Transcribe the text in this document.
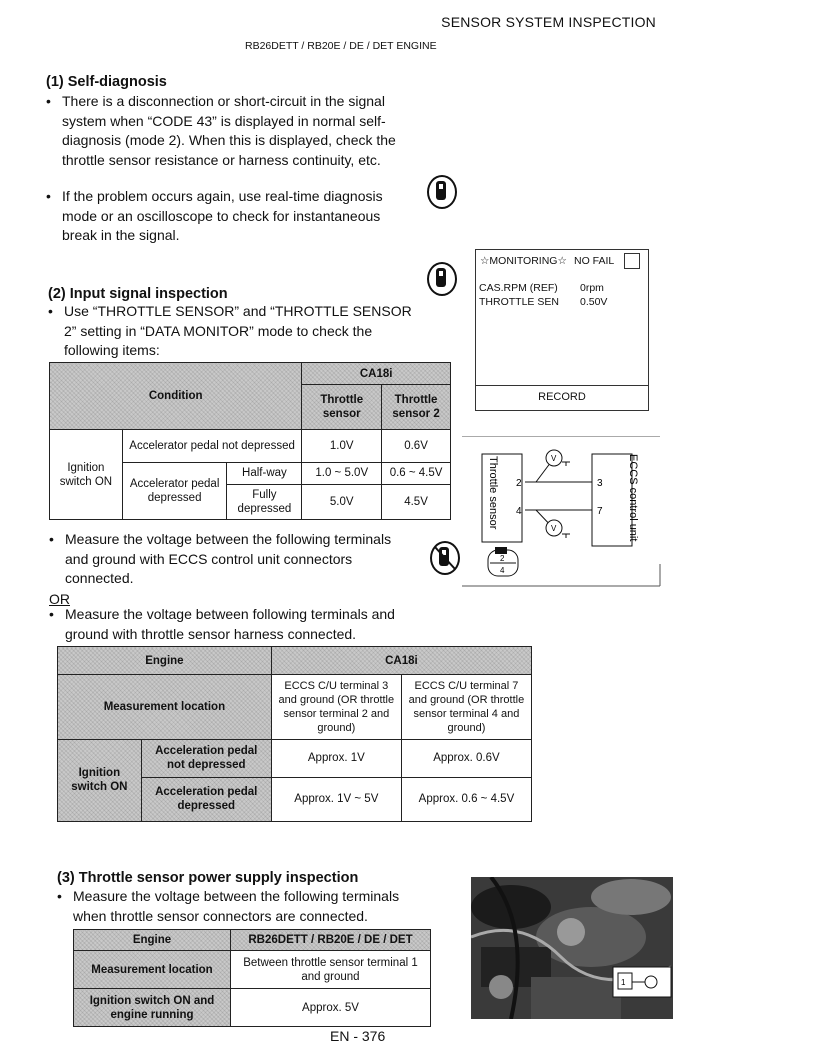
SENSOR SYSTEM INSPECTION
RB26DETT / RB20E / DE / DET ENGINE
(1) Self-diagnosis
• There is a disconnection or short-circuit in the signal
system when “CODE 43” is displayed in normal self-
diagnosis (mode 2). When this is displayed, check the
throttle sensor resistance or harness continuity, etc.
• If the problem occurs again, use real-time diagnosis
mode or an oscilloscope to check for instantaneous
break in the signal.
(2) Input signal inspection
• Use “THROTTLE SENSOR” and “THROTTLE SENSOR
2” setting in “DATA MONITOR” mode to check the
following items:
Condition			CA18i	
			Throttle sensor	Throttle sensor 2
Ignition switch ON	Accelerator pedal not depressed		1.0V	0.6V
	Accelerator pedal depressed	Half-way	1.0 ~ 5.0V	0.6 ~ 4.5V
		Fully depressed	5.0V	4.5V
☆MONITORING☆ NO FAIL
CAS.RPM (REF) 0rpm
THROTTLE SEN 0.50V
RECORD
Throttle sensor	ECCS control unit
2
4
3
7
V
V
2
4
• Measure the voltage between the following terminals
and ground with ECCS control unit connectors
connected.
OR
• Measure the voltage between following terminals and
ground with throttle sensor harness connected.
Engine		CA18i	
Measurement location		ECCS C/U terminal 3 and ground (OR throttle sensor terminal 2 and ground)	ECCS C/U terminal 7 and ground (OR throttle sensor terminal 4 and ground)
Ignition switch ON	Acceleration pedal not depressed	Approx. 1V	Approx. 0.6V
	Acceleration pedal depressed	Approx. 1V ~ 5V	Approx. 0.6 ~ 4.5V
(3) Throttle sensor power supply inspection
• Measure the voltage between the following terminals
when throttle sensor connectors are connected.
Engine	RB26DETT / RB20E / DE / DET
Measurement location	Between throttle sensor terminal 1 and ground
Ignition switch ON and engine running	Approx. 5V
1
EN - 376
